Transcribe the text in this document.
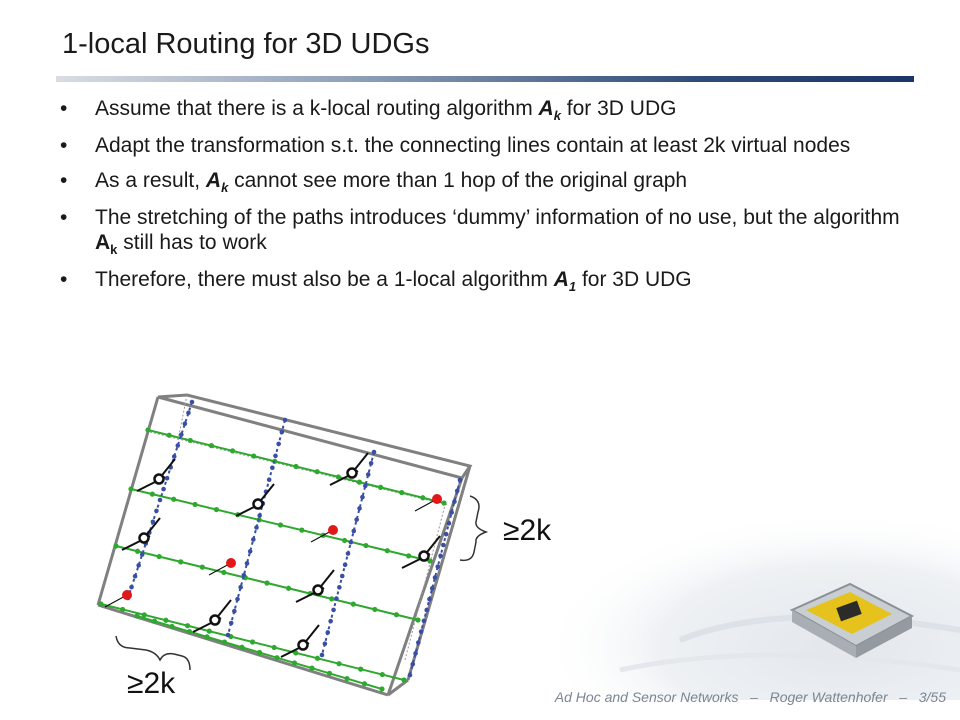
1-local Routing for 3D UDGs
• Assume that there is a k-local routing algorithm $A_k$ for 3D UDG
• Adapt the transformation s.t. the connecting lines contain at least 2k virtual nodes
• As a result, $A_k$ cannot see more than 1 hop of the original graph
• The stretching of the paths introduces ‘dummy’ information of no use, but the algorithm $A_k$ still has to work
• Therefore, there must also be a 1-local algorithm $A_1$ for 3D UDG
≥2k
≥2k	Ad Hoc and Sensor Networks – Roger Wattenhofer – 3/55
